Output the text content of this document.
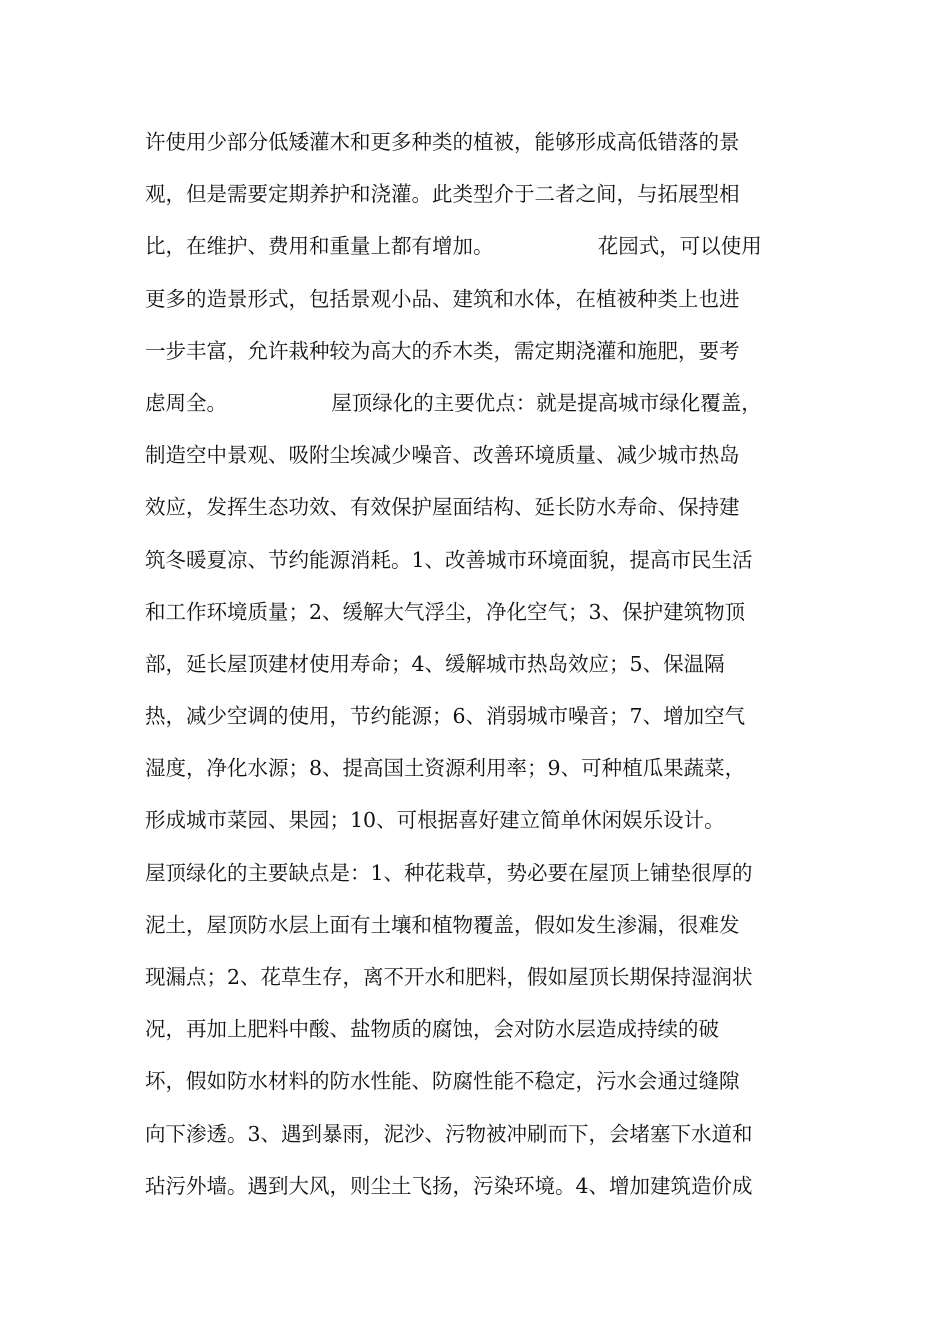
许使用少部分低矮灌木和更多种类的植被，能够形成高低错落的景
观，但是需要定期养护和浇灌。此类型介于二者之间，与拓展型相
比，在维护、费用和重量上都有增加。                花园式，可以使用
更多的造景形式，包括景观小品、建筑和水体，在植被种类上也进
一步丰富，允许栽种较为高大的乔木类，需定期浇灌和施肥，要考
虑周全。                屋顶绿化的主要优点：就是提高城市绿化覆盖，
制造空中景观、吸附尘埃减少噪音、改善环境质量、减少城市热岛
效应，发挥生态功效、有效保护屋面结构、延长防水寿命、保持建
筑冬暖夏凉、节约能源消耗。1、改善城市环境面貌，提高市民生活
和工作环境质量；2、缓解大气浮尘，净化空气；3、保护建筑物顶
部，延长屋顶建材使用寿命；4、缓解城市热岛效应；5、保温隔
热，减少空调的使用，节约能源；6、消弱城市噪音；7、增加空气
湿度，净化水源；8、提高国土资源利用率；9、可种植瓜果蔬菜，
形成城市菜园、果园；10、可根据喜好建立简单休闲娱乐设计。
屋顶绿化的主要缺点是：1、种花栽草，势必要在屋顶上铺垫很厚的
泥土，屋顶防水层上面有土壤和植物覆盖，假如发生渗漏，很难发
现漏点；2、花草生存，离不开水和肥料，假如屋顶长期保持湿润状
况，再加上肥料中酸、盐物质的腐蚀，会对防水层造成持续的破
坏，假如防水材料的防水性能、防腐性能不稳定，污水会通过缝隙
向下渗透。3、遇到暴雨，泥沙、污物被冲刷而下，会堵塞下水道和
玷污外墙。遇到大风，则尘土飞扬，污染环境。4、增加建筑造价成
